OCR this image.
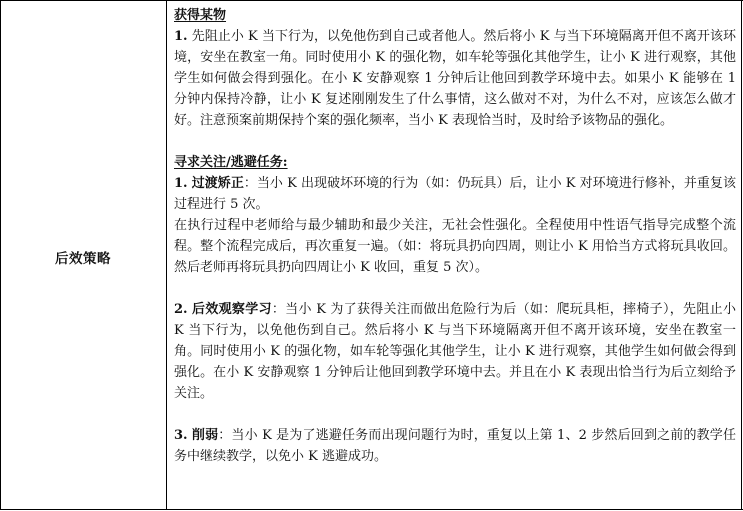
后效策略
获得某物

1. 先阻止小 K 当下行为，以免他伤到自己或者他人。然后将小 K 与当下环境隔离开但不离开该环境，安坐在教室一角。同时使用小 K 的强化物，如车轮等强化其他学生，让小 K 进行观察，其他学生如何做会得到强化。在小 K 安静观察 1 分钟后让他回到教学环境中去。如果小 K 能够在 1 分钟内保持冷静，让小 K 复述刚刚发生了什么事情，这么做对不对，为什么不对，应该怎么做才好。注意预案前期保持个案的强化频率，当小 K 表现恰当时，及时给予该物品的强化。

寻求关注/逃避任务:

1. 过渡矫正：当小 K 出现破坏环境的行为（如：仍玩具）后，让小 K 对环境进行修补，并重复该过程进行 5 次。

在执行过程中老师给与最少辅助和最少关注，无社会性强化。全程使用中性语气指导完成整个流程。整个流程完成后，再次重复一遍。（如：将玩具扔向四周，则让小 K 用恰当方式将玩具收回。然后老师再将玩具扔向四周让小 K 收回，重复 5 次）。

2. 后效观察学习：当小 K 为了获得关注而做出危险行为后（如：爬玩具柜，摔椅子），先阻止小 K 当下行为，以免他伤到自己。然后将小 K 与当下环境隔离开但不离开该环境，安坐在教室一角。同时使用小 K 的强化物，如车轮等强化其他学生，让小 K 进行观察，其他学生如何做会得到强化。在小 K 安静观察 1 分钟后让他回到教学环境中去。并且在小 K 表现出恰当行为后立刻给予关注。

3. 削弱：当小 K 是为了逃避任务而出现问题行为时，重复以上第 1、2 步然后回到之前的教学任务中继续教学，以免小 K 逃避成功。
